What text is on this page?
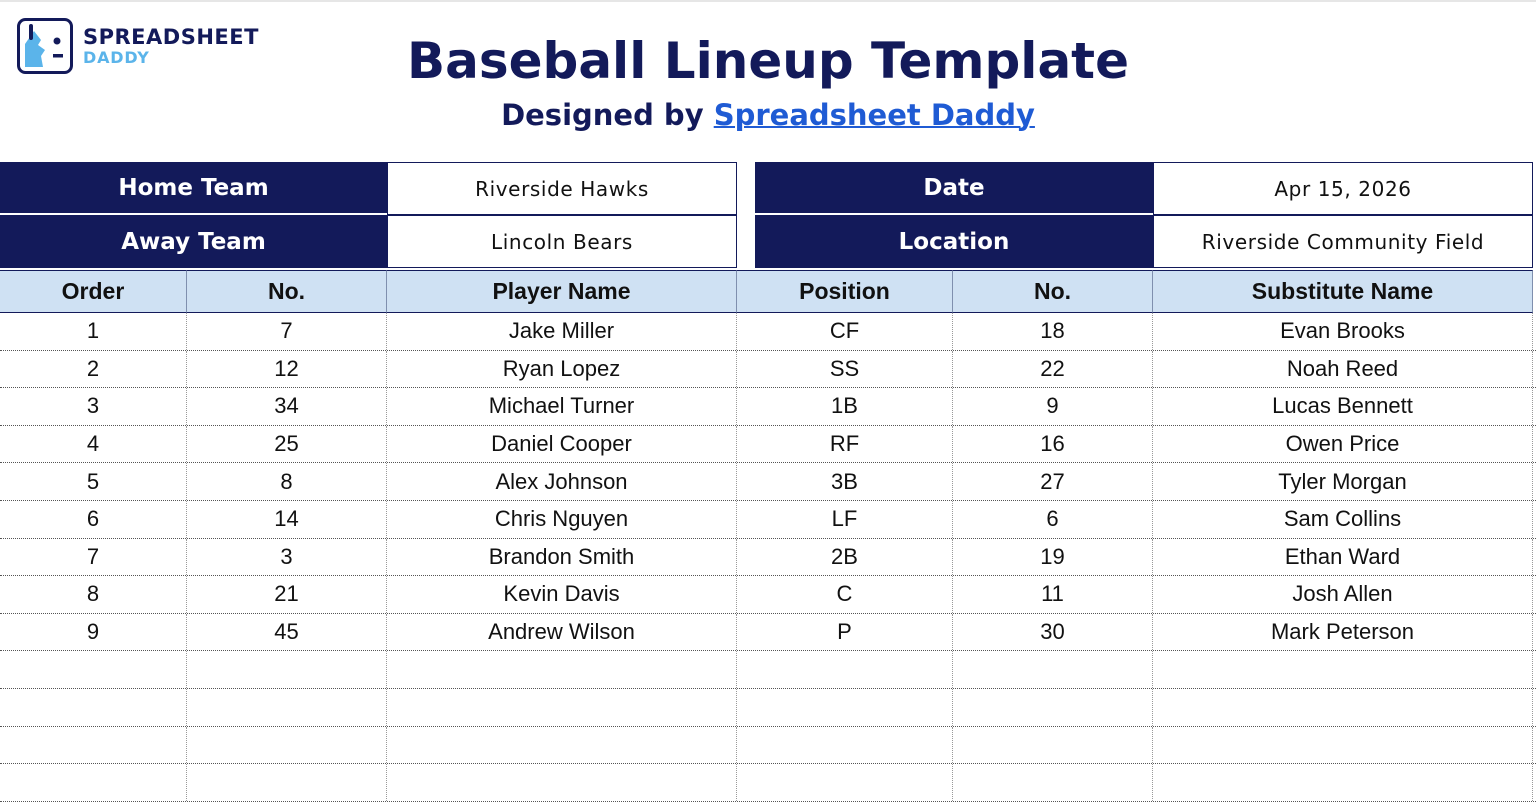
SPREADSHEET
DADDY	Baseball Lineup Template
Designed by Spreadsheet Daddy
Home Team	Riverside Hawks
Away Team	Lincoln Bears
Date	Apr 15, 2026
Location	Riverside Community Field
Order	No.	Player Name	Position	No.	Substitute Name
1	7	Jake Miller	CF	18	Evan Brooks
2	12	Ryan Lopez	SS	22	Noah Reed
3	34	Michael Turner	1B	9	Lucas Bennett
4	25	Daniel Cooper	RF	16	Owen Price
5	8	Alex Johnson	3B	27	Tyler Morgan
6	14	Chris Nguyen	LF	6	Sam Collins
7	3	Brandon Smith	2B	19	Ethan Ward
8	21	Kevin Davis	C	11	Josh Allen
9	45	Andrew Wilson	P	30	Mark Peterson
